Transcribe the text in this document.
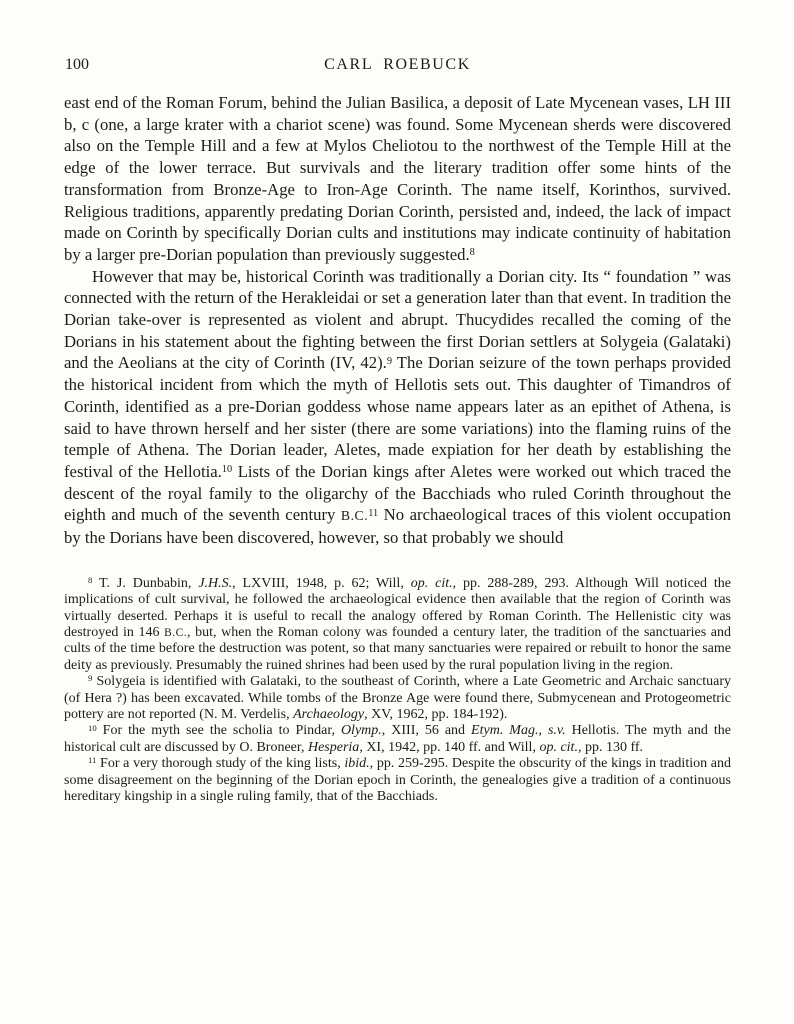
100	CARL ROEBUCK

east end of the Roman Forum, behind the Julian Basilica, a deposit of Late Mycenean vases, LH III b, c (one, a large krater with a chariot scene) was found. Some Mycenean sherds were discovered also on the Temple Hill and a few at Mylos Cheliotou to the northwest of the Temple Hill at the edge of the lower terrace. But survivals and the literary tradition offer some hints of the transformation from Bronze-Age to Iron-Age Corinth. The name itself, Korinthos, survived. Religious traditions, apparently predating Dorian Corinth, persisted and, indeed, the lack of impact made on Corinth by specifically Dorian cults and institutions may indicate continuity of habitation by a larger pre-Dorian population than previously suggested.$^8$

However that may be, historical Corinth was traditionally a Dorian city. Its “ foundation ” was connected with the return of the Herakleidai or set a generation later than that event. In tradition the Dorian take-over is represented as violent and abrupt. Thucydides recalled the coming of the Dorians in his statement about the fighting between the first Dorian settlers at Solygeia (Galataki) and the Aeolians at the city of Corinth (IV, 42).$^9$ The Dorian seizure of the town perhaps provided the historical incident from which the myth of Hellotis sets out. This daughter of Timandros of Corinth, identified as a pre-Dorian goddess whose name appears later as an epithet of Athena, is said to have thrown herself and her sister (there are some variations) into the flaming ruins of the temple of Athena. The Dorian leader, Aletes, made expiation for her death by establishing the festival of the Hellotia.$^{10}$ Lists of the Dorian kings after Aletes were worked out which traced the descent of the royal family to the oligarchy of the Bacchiads who ruled Corinth throughout the eighth and much of the seventh century B.C.$^{11}$ No archaeological traces of this violent occupation by the Dorians have been discovered, however, so that probably we should

$^8$ T. J. Dunbabin, J.H.S., LXVIII, 1948, p. 62; Will, op. cit., pp. 288-289, 293. Although Will noticed the implications of cult survival, he followed the archaeological evidence then available that the region of Corinth was virtually deserted. Perhaps it is useful to recall the analogy offered by Roman Corinth. The Hellenistic city was destroyed in 146 B.C., but, when the Roman colony was founded a century later, the tradition of the sanctuaries and cults of the time before the destruction was potent, so that many sanctuaries were repaired or rebuilt to honor the same deity as previously. Presumably the ruined shrines had been used by the rural population living in the region.

$^9$ Solygeia is identified with Galataki, to the southeast of Corinth, where a Late Geometric and Archaic sanctuary (of Hera ?) has been excavated. While tombs of the Bronze Age were found there, Submycenean and Protogeometric pottery are not reported (N. M. Verdelis, Archaeology, XV, 1962, pp. 184-192).

$^{10}$ For the myth see the scholia to Pindar, Olymp., XIII, 56 and Etym. Mag., s.v. Hellotis. The myth and the historical cult are discussed by O. Broneer, Hesperia, XI, 1942, pp. 140 ff. and Will, op. cit., pp. 130 ff.

$^{11}$ For a very thorough study of the king lists, ibid., pp. 259-295. Despite the obscurity of the kings in tradition and some disagreement on the beginning of the Dorian epoch in Corinth, the genealogies give a tradition of a continuous hereditary kingship in a single ruling family, that of the Bacchiads.
